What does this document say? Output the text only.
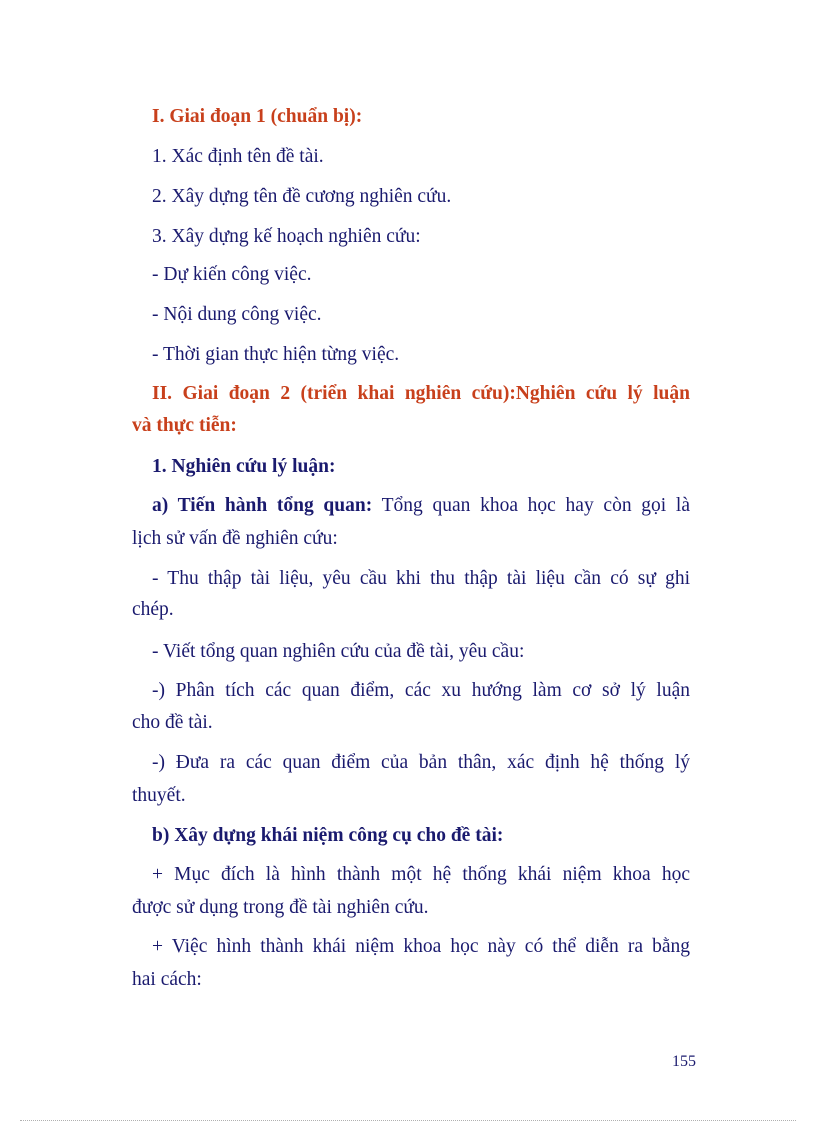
I. Giai đoạn 1 (chuẩn bị):
1. Xác định tên đề tài.
2. Xây dựng tên đề cương nghiên cứu.
3. Xây dựng kế hoạch nghiên cứu:
- Dự kiến công việc.
- Nội dung công việc.
- Thời gian thực hiện từng việc.
II. Giai đoạn 2 (triển khai nghiên cứu):Nghiên cứu lý luận
và thực tiễn:
1. Nghiên cứu lý luận:
a) Tiến hành tổng quan: Tổng quan khoa học hay còn gọi là
lịch sử vấn đề nghiên cứu:
- Thu thập tài liệu, yêu cầu khi thu thập tài liệu cần có sự ghi
chép.
- Viết tổng quan nghiên cứu của đề tài, yêu cầu:
-) Phân tích các quan điểm, các xu hướng làm cơ sở lý luận
cho đề tài.
-) Đưa ra các quan điểm của bản thân, xác định hệ thống lý
thuyết.
b) Xây dựng khái niệm công cụ cho đề tài:
+ Mục đích là hình thành một hệ thống khái niệm khoa học
được sử dụng trong đề tài nghiên cứu.
+ Việc hình thành khái niệm khoa học này có thể diễn ra bằng
hai cách:
155
